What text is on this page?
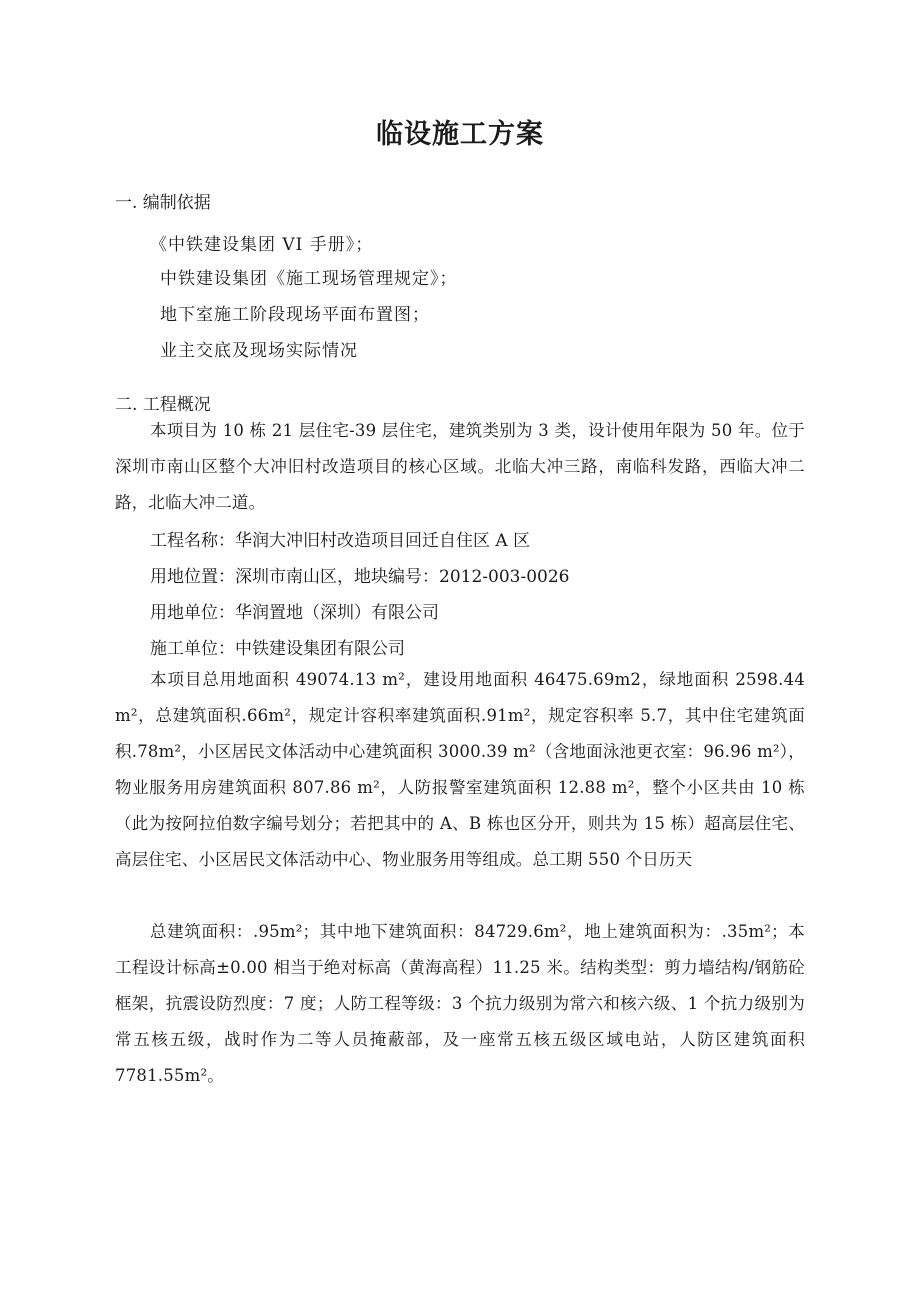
临设施工方案
一. 编制依据
《中铁建设集团 VI 手册》；
中铁建设集团《施工现场管理规定》；
地下室施工阶段现场平面布置图；
业主交底及现场实际情况
二. 工程概况
本项目为 10 栋 21 层住宅-39 层住宅，建筑类别为 3 类，设计使用年限为 50 年。位于深圳市南山区整个大冲旧村改造项目的核心区域。北临大冲三路，南临科发路，西临大冲二路，北临大冲二道。
工程名称：华润大冲旧村改造项目回迁自住区 A 区
用地位置：深圳市南山区，地块编号：2012-003-0026
用地单位：华润置地（深圳）有限公司
施工单位：中铁建设集团有限公司
本项目总用地面积 49074.13 m²，建设用地面积 46475.69m2，绿地面积 2598.44 m²，总建筑面积.66m²，规定计容积率建筑面积.91m²，规定容积率 5.7，其中住宅建筑面积.78m²，小区居民文体活动中心建筑面积 3000.39 m²（含地面泳池更衣室：96.96 m²），物业服务用房建筑面积 807.86 m²，人防报警室建筑面积 12.88 m²，整个小区共由 10 栋（此为按阿拉伯数字编号划分；若把其中的 A、B 栋也区分开，则共为 15 栋）超高层住宅、高层住宅、小区居民文体活动中心、物业服务用等组成。总工期 550 个日历天
总建筑面积：.95m²；其中地下建筑面积：84729.6m²，地上建筑面积为：.35m²；本工程设计标高±0.00 相当于绝对标高（黄海高程）11.25 米。结构类型：剪力墙结构/钢筋砼框架，抗震设防烈度：7 度；人防工程等级：3 个抗力级别为常六和核六级、1 个抗力级别为常五核五级，战时作为二等人员掩蔽部，及一座常五核五级区域电站，人防区建筑面积 7781.55m²。
